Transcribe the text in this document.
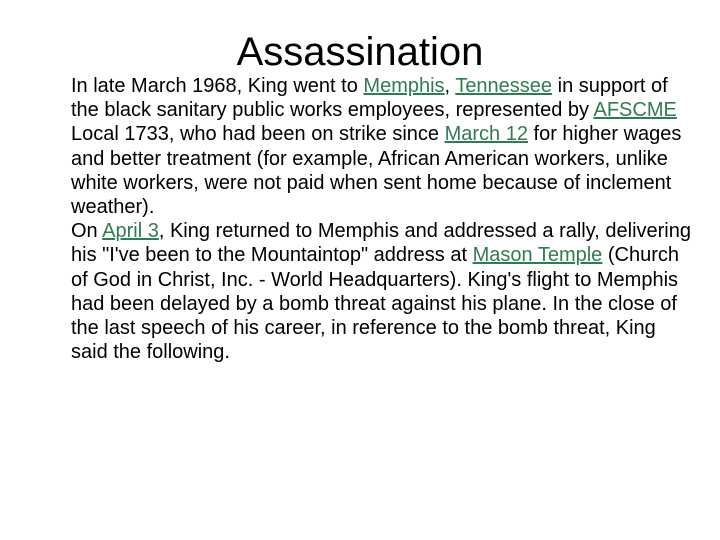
Assassination

In late March 1968, King went to Memphis, Tennessee in support of the black sanitary public works employees, represented by AFSCME Local 1733, who had been on strike since March 12 for higher wages and better treatment (for example, African American workers, unlike white workers, were not paid when sent home because of inclement weather).

On April 3, King returned to Memphis and addressed a rally, delivering his "I've been to the Mountaintop" address at Mason Temple (Church of God in Christ, Inc. - World Headquarters). King's flight to Memphis had been delayed by a bomb threat against his plane. In the close of the last speech of his career, in reference to the bomb threat, King said the following.
